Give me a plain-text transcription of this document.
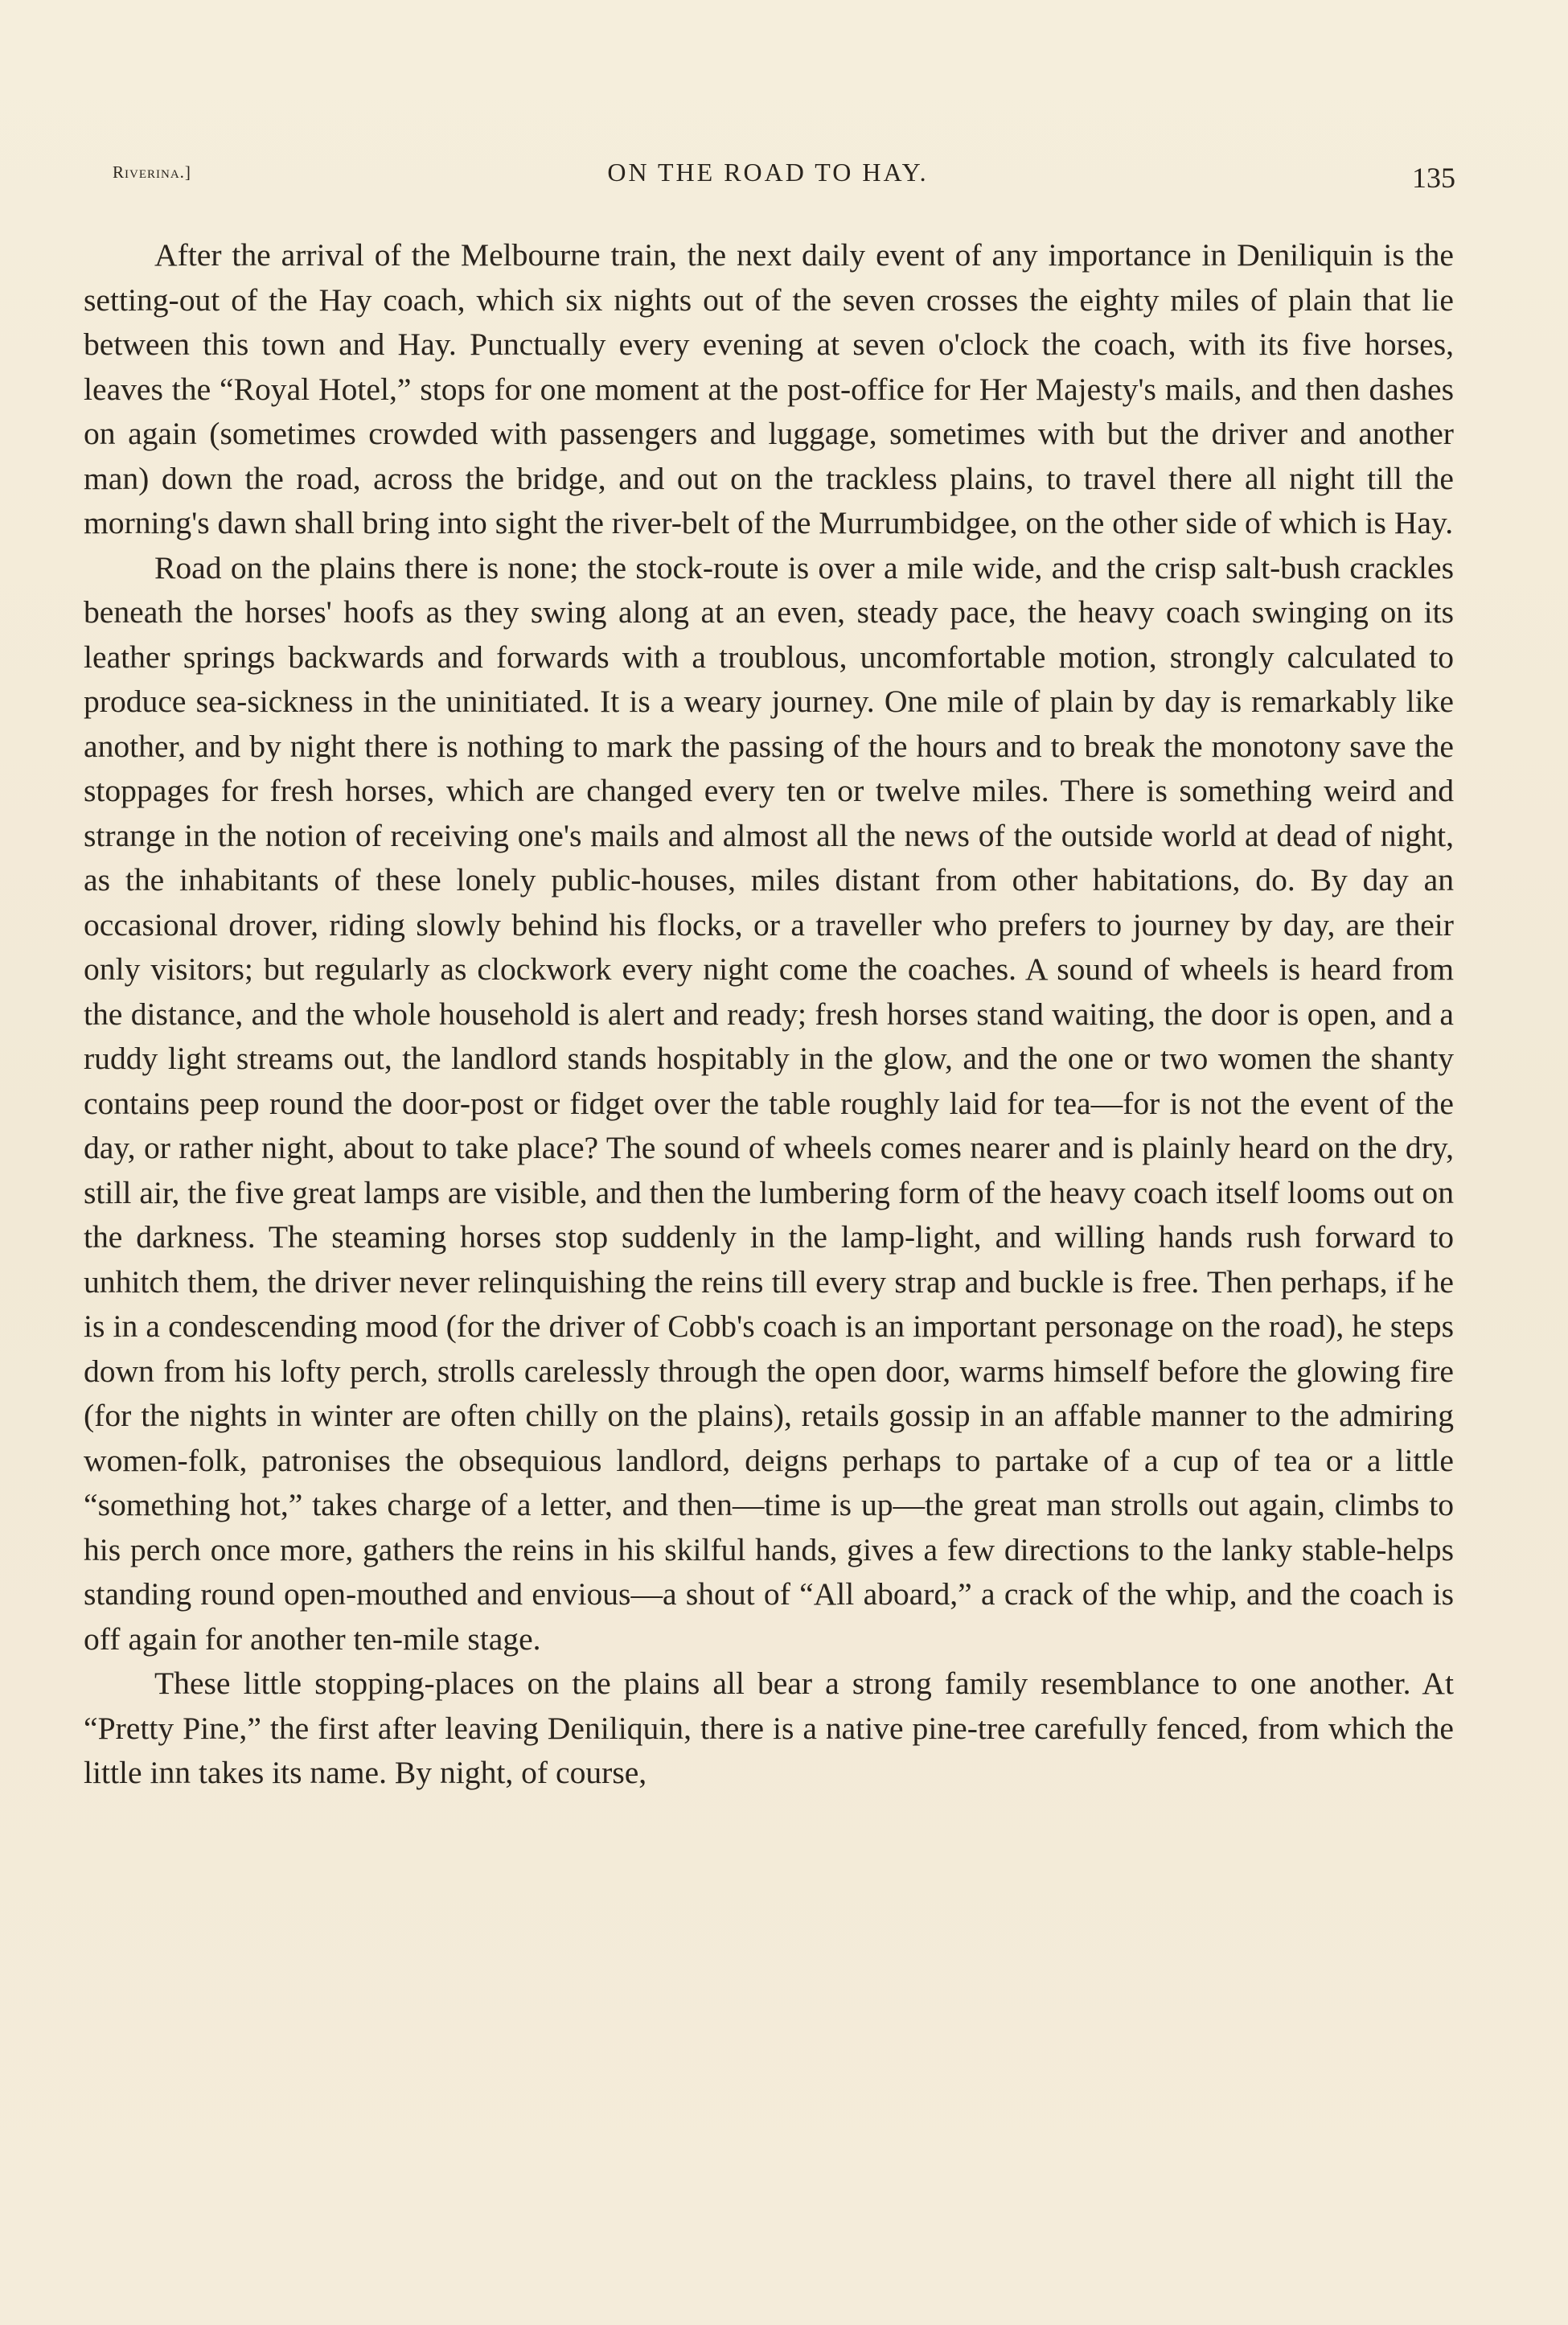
Riverina.]	ON THE ROAD TO HAY.	135

After the arrival of the Melbourne train, the next daily event of any importance in Deniliquin is the setting-out of the Hay coach, which six nights out of the seven crosses the eighty miles of plain that lie between this town and Hay. Punctually every evening at seven o'clock the coach, with its five horses, leaves the “Royal Hotel,” stops for one moment at the post-office for Her Majesty's mails, and then dashes on again (sometimes crowded with passengers and luggage, sometimes with but the driver and another man) down the road, across the bridge, and out on the trackless plains, to travel there all night till the morning's dawn shall bring into sight the river-belt of the Murrumbidgee, on the other side of which is Hay.

Road on the plains there is none; the stock-route is over a mile wide, and the crisp salt-bush crackles beneath the horses' hoofs as they swing along at an even, steady pace, the heavy coach swinging on its leather springs backwards and forwards with a troublous, uncomfortable motion, strongly calculated to produce sea-sickness in the uninitiated. It is a weary journey. One mile of plain by day is remarkably like another, and by night there is nothing to mark the passing of the hours and to break the monotony save the stoppages for fresh horses, which are changed every ten or twelve miles. There is something weird and strange in the notion of receiving one's mails and almost all the news of the outside world at dead of night, as the inhabitants of these lonely public-houses, miles distant from other habitations, do. By day an occasional drover, riding slowly behind his flocks, or a traveller who prefers to journey by day, are their only visitors; but regularly as clockwork every night come the coaches. A sound of wheels is heard from the distance, and the whole household is alert and ready; fresh horses stand waiting, the door is open, and a ruddy light streams out, the landlord stands hospitably in the glow, and the one or two women the shanty contains peep round the door-post or fidget over the table roughly laid for tea—for is not the event of the day, or rather night, about to take place? The sound of wheels comes nearer and is plainly heard on the dry, still air, the five great lamps are visible, and then the lumbering form of the heavy coach itself looms out on the darkness. The steaming horses stop suddenly in the lamp-light, and willing hands rush forward to unhitch them, the driver never relinquishing the reins till every strap and buckle is free. Then perhaps, if he is in a condescending mood (for the driver of Cobb's coach is an important personage on the road), he steps down from his lofty perch, strolls carelessly through the open door, warms himself before the glowing fire (for the nights in winter are often chilly on the plains), retails gossip in an affable manner to the admiring women-folk, patronises the obsequious landlord, deigns perhaps to partake of a cup of tea or a little “something hot,” takes charge of a letter, and then—time is up—the great man strolls out again, climbs to his perch once more, gathers the reins in his skilful hands, gives a few directions to the lanky stable-helps standing round open-mouthed and envious—a shout of “All aboard,” a crack of the whip, and the coach is off again for another ten-mile stage.

These little stopping-places on the plains all bear a strong family resemblance to one another. At “Pretty Pine,” the first after leaving Deniliquin, there is a native pine-tree carefully fenced, from which the little inn takes its name. By night, of course,
